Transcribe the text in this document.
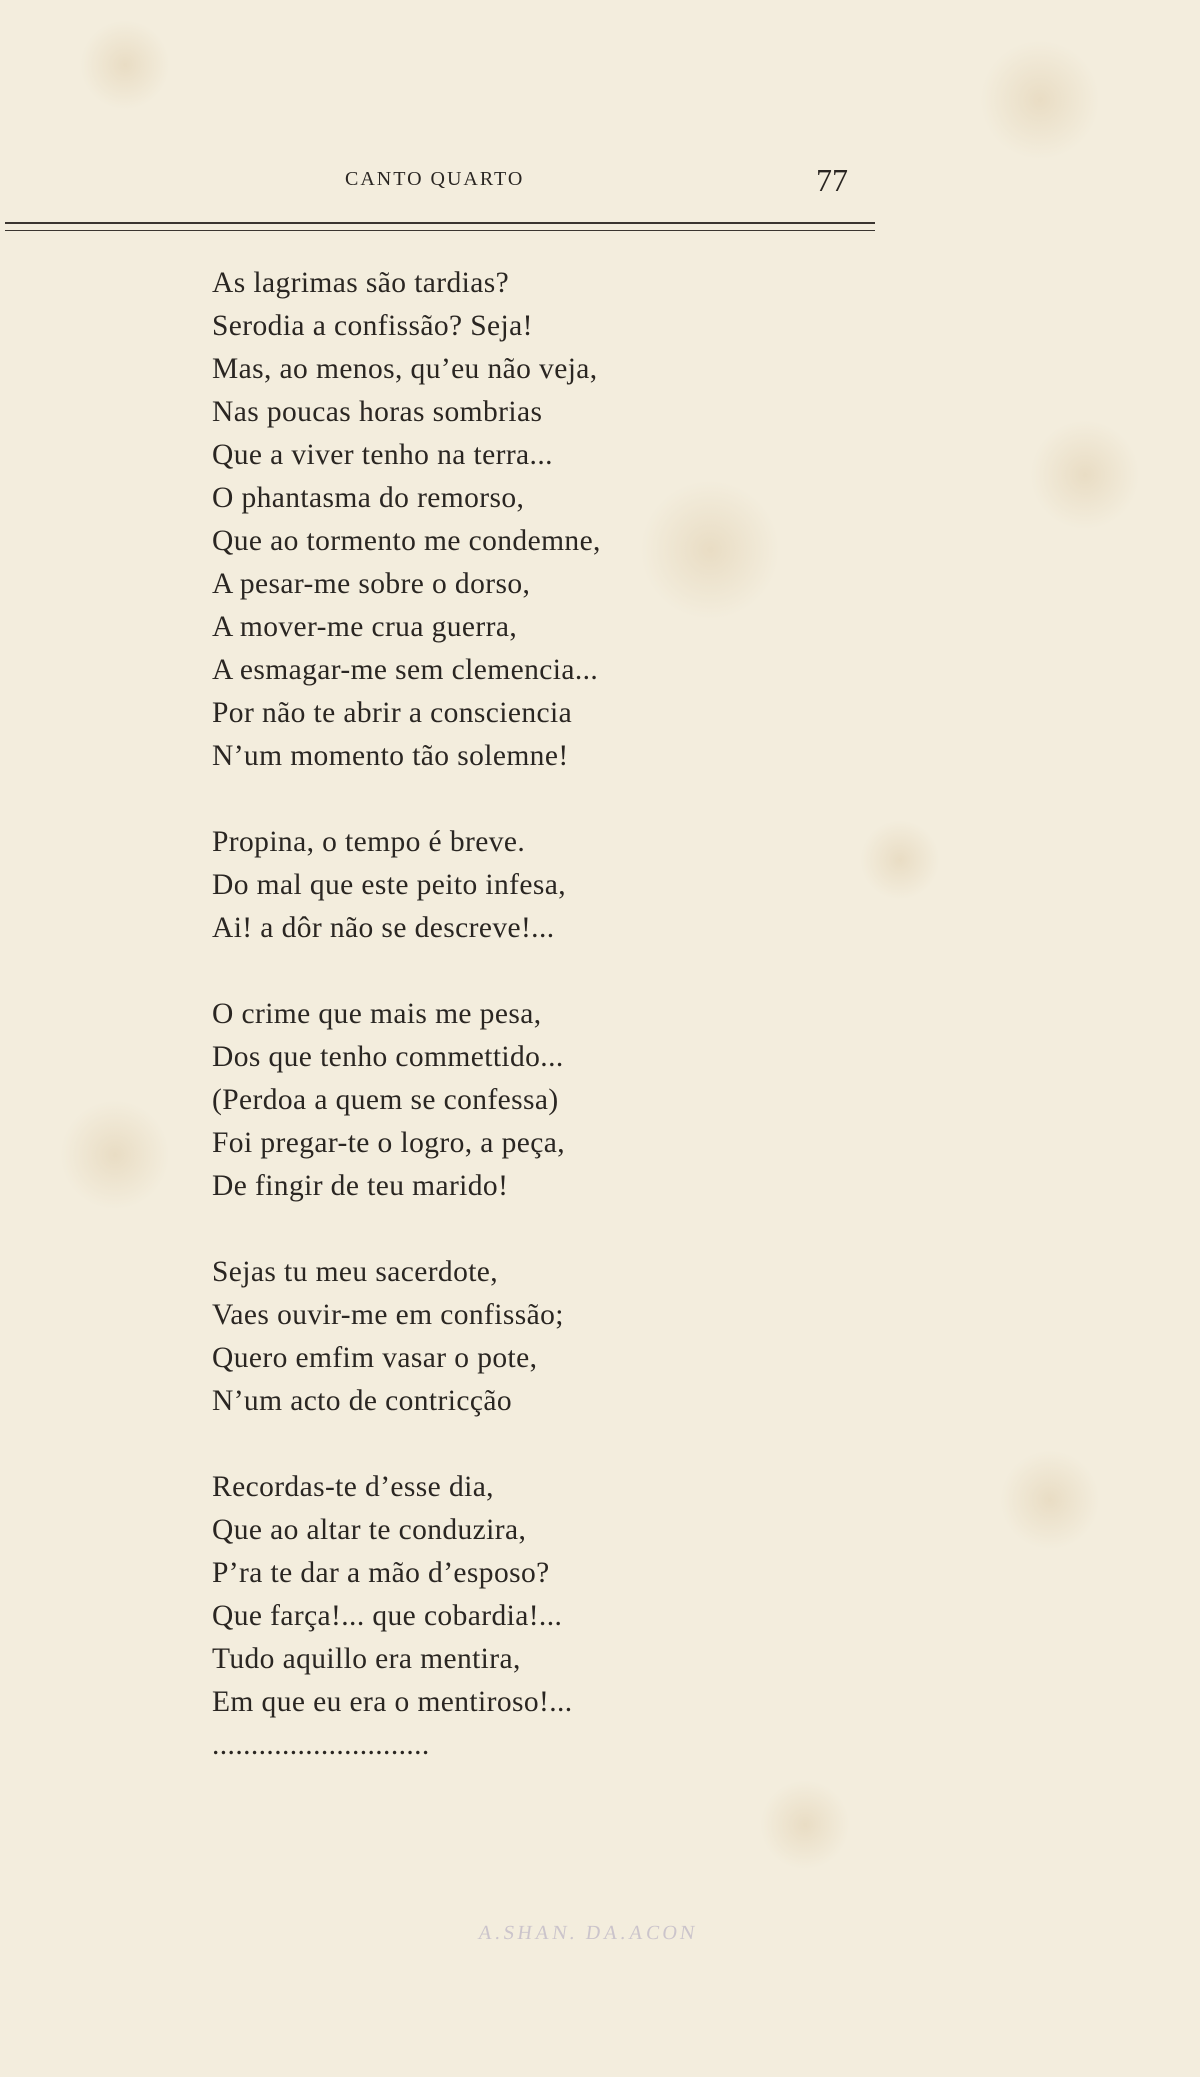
CANTO QUARTO	77
As lagrimas são tardias?
Serodia a confissão? Seja!
Mas, ao menos, qu’eu não veja,
Nas poucas horas sombrias
Que a viver tenho na terra...
O phantasma do remorso,
Que ao tormento me condemne,
A pesar-me sobre o dorso,
A mover-me crua guerra,
A esmagar-me sem clemencia...
Por não te abrir a consciencia
N’um momento tão solemne!
Propina, o tempo é breve.
Do mal que este peito infesa,
Ai! a dôr não se descreve!...
O crime que mais me pesa,
Dos que tenho commettido...
(Perdoa a quem se confessa)
Foi pregar-te o logro, a peça,
De fingir de teu marido!
Sejas tu meu sacerdote,
Vaes ouvir-me em confissão;
Quero emfim vasar o pote,
N’um acto de contricção
Recordas-te d’esse dia,
Que ao altar te conduzira,
P’ra te dar a mão d’esposo?
Que farça!... que cobardia!...
Tudo aquillo era mentira,
Em que eu era o mentiroso!...
............................
A.SHAN. DA.ACON
